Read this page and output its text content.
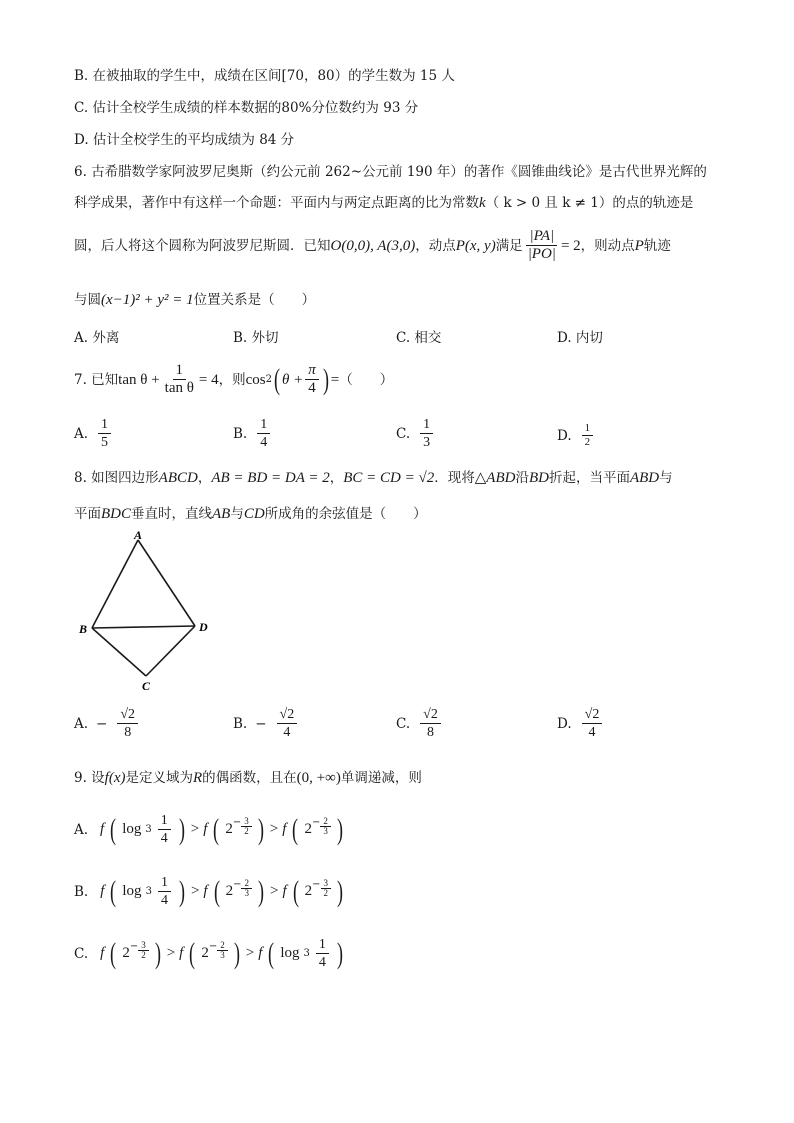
B. 在被抽取的学生中，成绩在区间[70，80）的学生数为 15 人
C. 估计全校学生成绩的样本数据的80%分位数约为 93 分
D. 估计全校学生的平均成绩为 84 分
6. 古希腊数学家阿波罗尼奥斯（约公元前 262~公元前 190 年）的著作《圆锥曲线论》是古代世界光辉的
科学成果，著作中有这样一个命题：平面内与两定点距离的比为常数k（ k > 0 且 k ≠ 1）的点的轨迹是
圆，后人将这个圆称为阿波罗尼斯圆．已知 O(0,0), A(3,0) ，动点 P(x, y) 满足 $\frac{|PA|}{|PO|} = 2$ ，则动点 P 轨迹
与圆(x−1)² + y² = 1位置关系是（　　）
A. 外离	B. 外切	C. 相交	D. 内切
7. 已知 $\tan \theta + \frac{1}{\text{tan θ}} = 4$ ，则 cos 2 ( $\theta + \frac{\pi}{4}$ ) = （　　）
A. $\frac{1}{5}$	B. $\frac{1}{4}$	C. $\frac{1}{3}$	D. $\frac{1}{2}$
8. 如图四边形ABCD，AB = BD = DA = 2，BC = CD = √2．现将△ABD沿BD折起，当平面ABD与
平面BDC垂直时，直线AB与CD所成角的余弦值是（　　）
A
B
C
D
A. − $\frac{√2}{8}$	B. − $\frac{√2}{4}$	C. $\frac{√2}{8}$	D. $\frac{√2}{4}$
9. 设f(x)是定义域为R的偶函数，且在(0, +∞)单调递减，则
A. f ( $\log 3 \frac{1}{4}$ ) > f ( $2 - \frac{3}{2}$ ) > f ( $2 - \frac{2}{3}$ )
B. f ( $\log 3 \frac{1}{4}$ ) > f ( $2 - \frac{2}{3}$ ) > f ( $2 - \frac{3}{2}$ )
C. f ( $2 - \frac{3}{2}$ ) > f ( $2 - \frac{2}{3}$ ) > f ( $\log 3 \frac{1}{4}$ )
